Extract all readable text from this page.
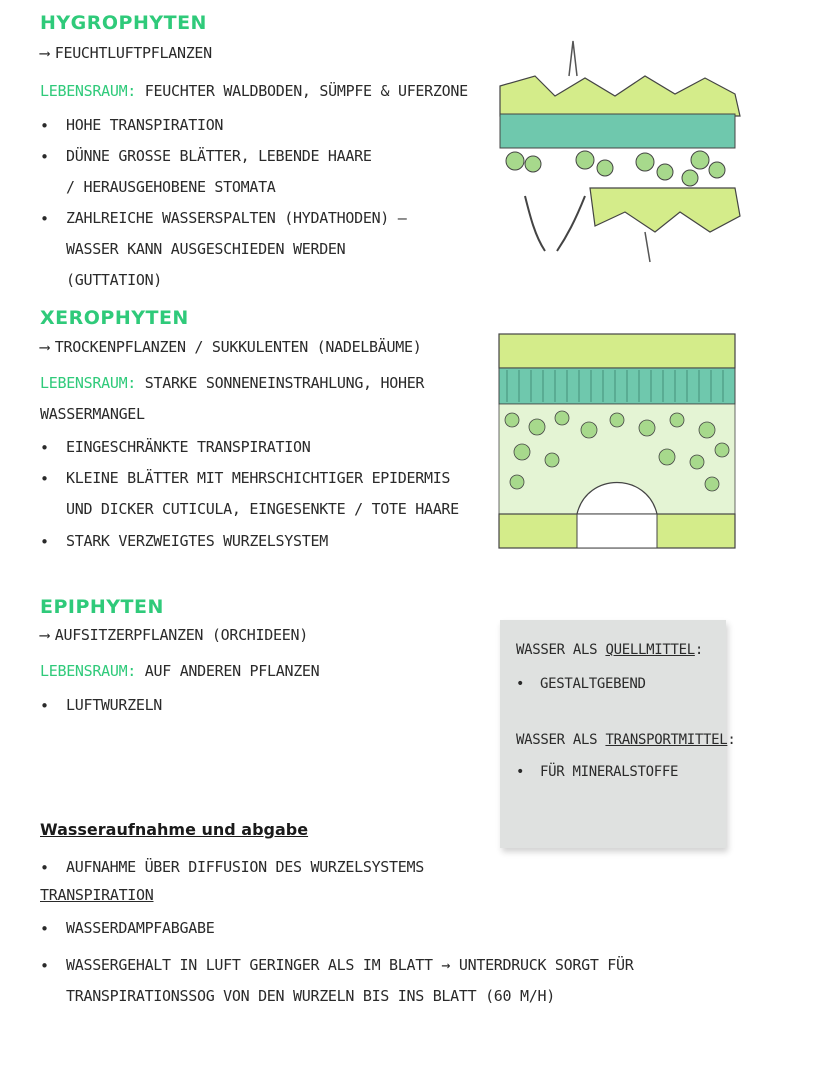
HYGROPHYTEN
⟶ FEUCHTLUFTPFLANZEN
LEBENSRAUM: FEUCHTER WALDBODEN, SÜMPFE & UFERZONE
• HOHE TRANSPIRATION
• DÜNNE GROSSE BLÄTTER, LEBENDE HAARE / HERAUSGEHOBENE STOMATA
• ZAHLREICHE WASSERSPALTEN (HYDATHODEN) – WASSER KANN AUSGESCHIEDEN WERDEN (GUTTATION)
XEROPHYTEN
⟶ TROCKENPFLANZEN / SUKKULENTEN (NADELBÄUME)
LEBENSRAUM: STARKE SONNENEINSTRAHLUNG, HOHER
WASSERMANGEL
• EINGESCHRÄNKTE TRANSPIRATION
• KLEINE BLÄTTER MIT MEHRSCHICHTIGER EPIDERMIS UND DICKER CUTICULA, EINGESENKTE / TOTE HAARE
• STARK VERZWEIGTES WURZELSYSTEM
EPIPHYTEN
⟶ AUFSITZERPFLANZEN (ORCHIDEEN)
LEBENSRAUM: AUF ANDEREN PFLANZEN
• LUFTWURZELN
WASSER ALS QUELLMITTEL:
• GESTALTGEBEND
WASSER ALS TRANSPORTMITTEL:
• FÜR MINERALSTOFFE
Wasseraufnahme und abgabe
• AUFNAHME ÜBER DIFFUSION DES WURZELSYSTEMS
TRANSPIRATION
• WASSERDAMPFABGABE
• WASSERGEHALT IN LUFT GERINGER ALS IM BLATT → UNTERDRUCK SORGT FÜR TRANSPIRATIONSSOG VON DEN WURZELN BIS INS BLATT (60 M/H)
